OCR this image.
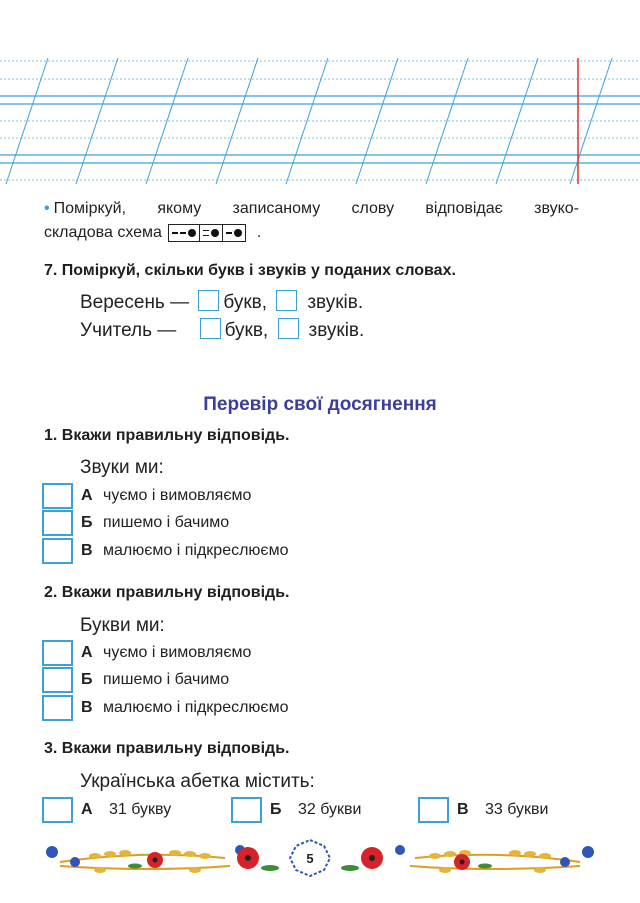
• Поміркуй, якому записаному слову відповідає звуко-
складова схема	.
7. Поміркуй, скільки букв і звуків у поданих словах.
Вересень — букв, звуків.
Учитель —	букв, звуків.
Перевір свої досягнення
1. Вкажи правильну відповідь.
Звуки ми:
А чуємо і вимовляємо
Б пишемо і бачимо
В малюємо і підкреслюємо
2. Вкажи правильну відповідь.
Букви ми:
А чуємо і вимовляємо
Б пишемо і бачимо
В малюємо і підкреслюємо
3. Вкажи правильну відповідь.
Українська абетка містить:
А	31 букву	Б	32 букви	В	33 букви
5
